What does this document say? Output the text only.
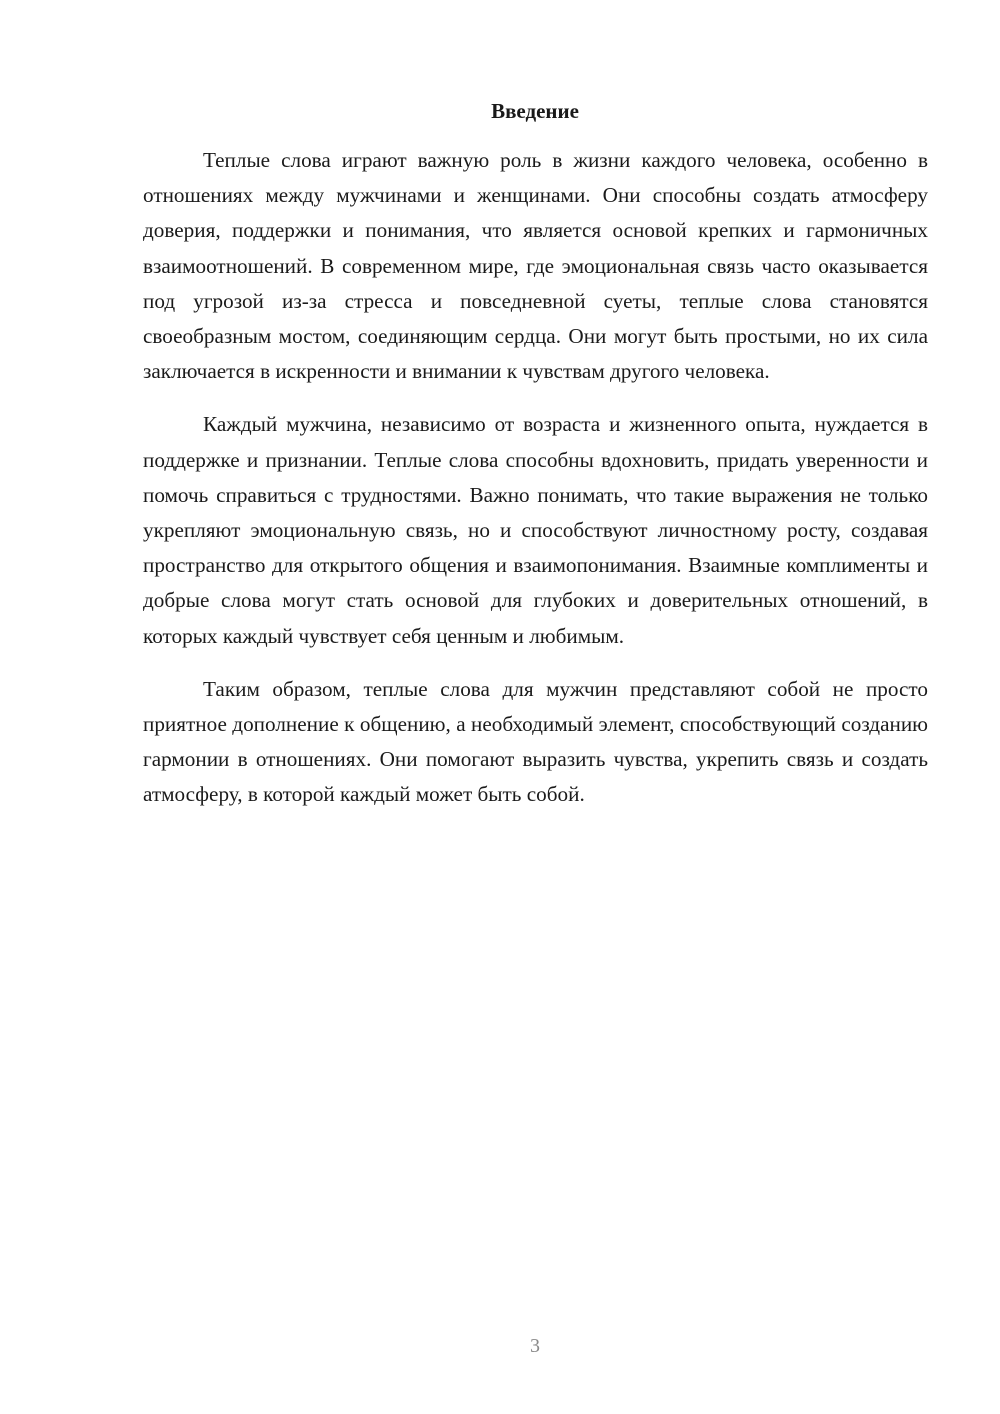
Введение

Теплые слова играют важную роль в жизни каждого человека, особенно в отношениях между мужчинами и женщинами. Они способны создать атмосферу доверия, поддержки и понимания, что является основой крепких и гармоничных взаимоотношений. В современном мире, где эмоциональная связь часто оказывается под угрозой из-за стресса и повседневной суеты, теплые слова становятся своеобразным мостом, соединяющим сердца. Они могут быть простыми, но их сила заключается в искренности и внимании к чувствам другого человека.

Каждый мужчина, независимо от возраста и жизненного опыта, нуждается в поддержке и признании. Теплые слова способны вдохновить, придать уверенности и помочь справиться с трудностями. Важно понимать, что такие выражения не только укрепляют эмоциональную связь, но и способствуют личностному росту, создавая пространство для открытого общения и взаимопонимания. Взаимные комплименты и добрые слова могут стать основой для глубоких и доверительных отношений, в которых каждый чувствует себя ценным и любимым.

Таким образом, теплые слова для мужчин представляют собой не просто приятное дополнение к общению, а необходимый элемент, способствующий созданию гармонии в отношениях. Они помогают выразить чувства, укрепить связь и создать атмосферу, в которой каждый может быть собой.

3
